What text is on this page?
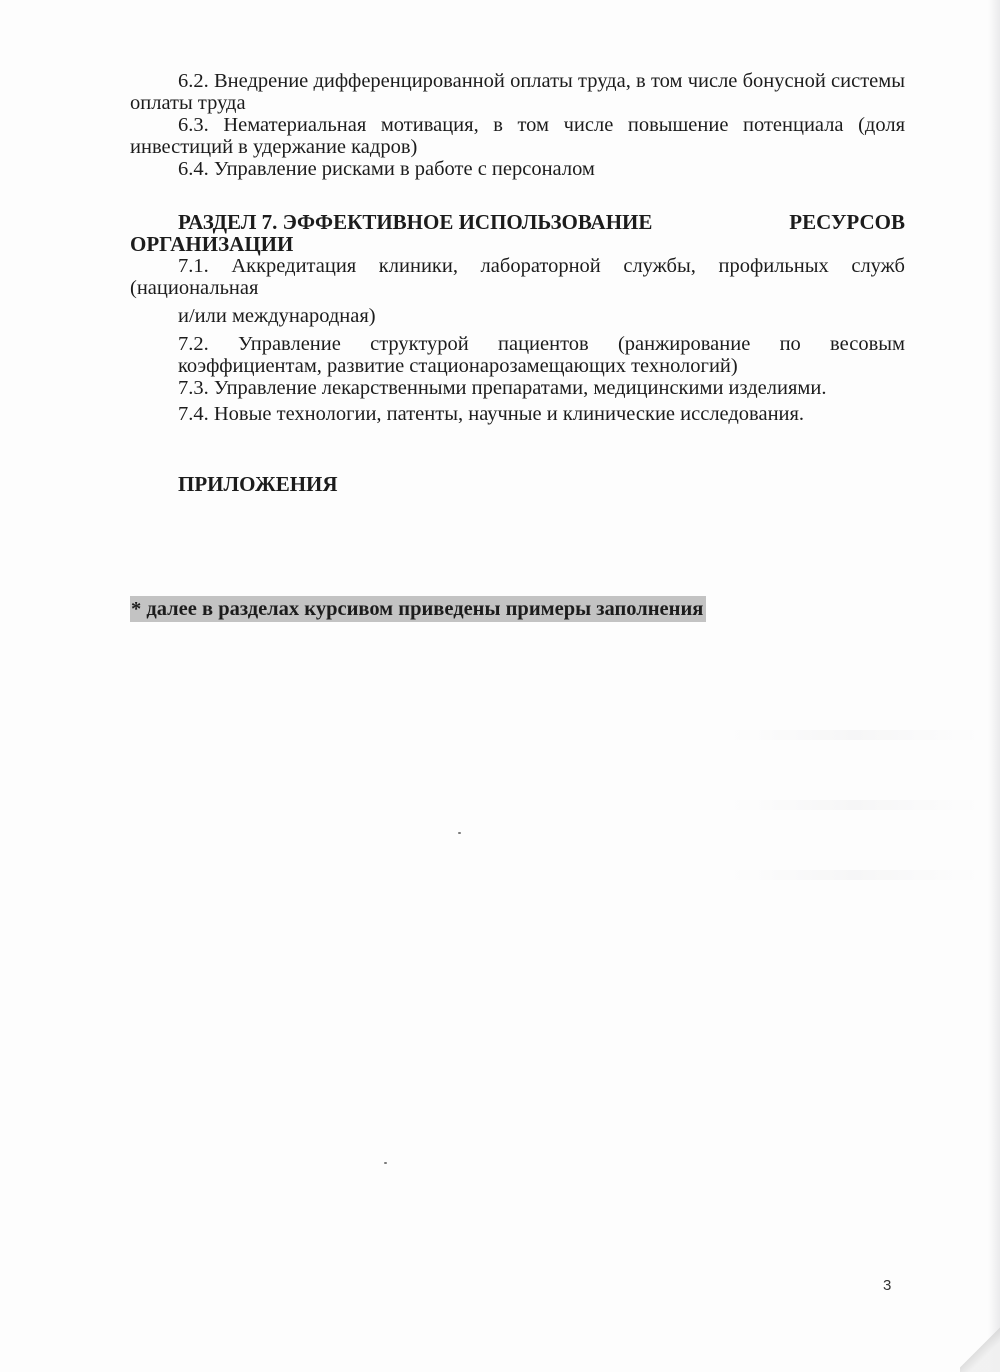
6.2. Внедрение дифференцированной оплаты труда, в том числе бонусной системы оплаты труда

6.3. Нематериальная мотивация, в том числе повышение потенциала (доля инвестиций в удержание кадров)

6.4. Управление рисками в работе с персоналом

РАЗДЕЛ 7. ЭФФЕКТИВНОЕ ИСПОЛЬЗОВАНИЕ	РЕСУРСОВ
ОРГАНИЗАЦИИ
7.1. Аккредитация клиники, лабораторной службы, профильных служб
(национальная
и/или международная)
7.2. Управление структурой пациентов (ранжирование по весовым
коэффициентам, развитие стационарозамещающих технологий)
7.3. Управление лекарственными препаратами, медицинскими изделиями.
7.4. Новые технологии, патенты, научные и клинические исследования.
ПРИЛОЖЕНИЯ
* далее в разделах курсивом приведены примеры заполнения
3
